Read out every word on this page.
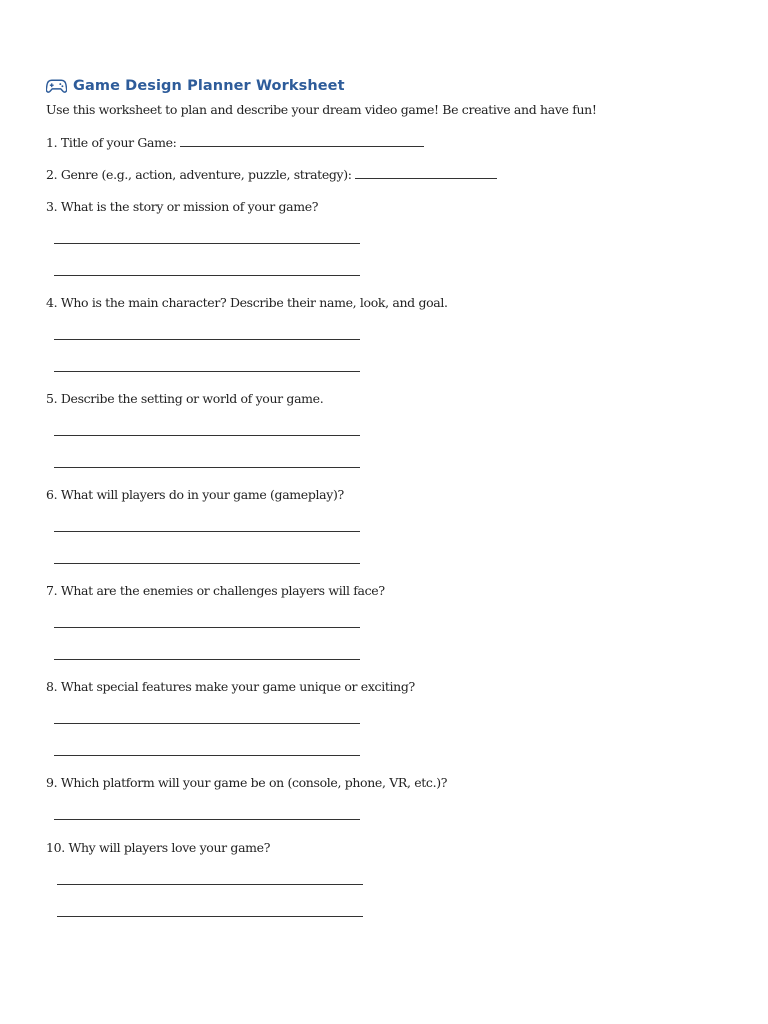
Game Design Planner Worksheet
Use this worksheet to plan and describe your dream video game! Be creative and have fun!
1. Title of your Game:
2. Genre (e.g., action, adventure, puzzle, strategy):
3. What is the story or mission of your game?
4. Who is the main character? Describe their name, look, and goal.
5. Describe the setting or world of your game.
6. What will players do in your game (gameplay)?
7. What are the enemies or challenges players will face?
8. What special features make your game unique or exciting?
9. Which platform will your game be on (console, phone, VR, etc.)?
10. Why will players love your game?
